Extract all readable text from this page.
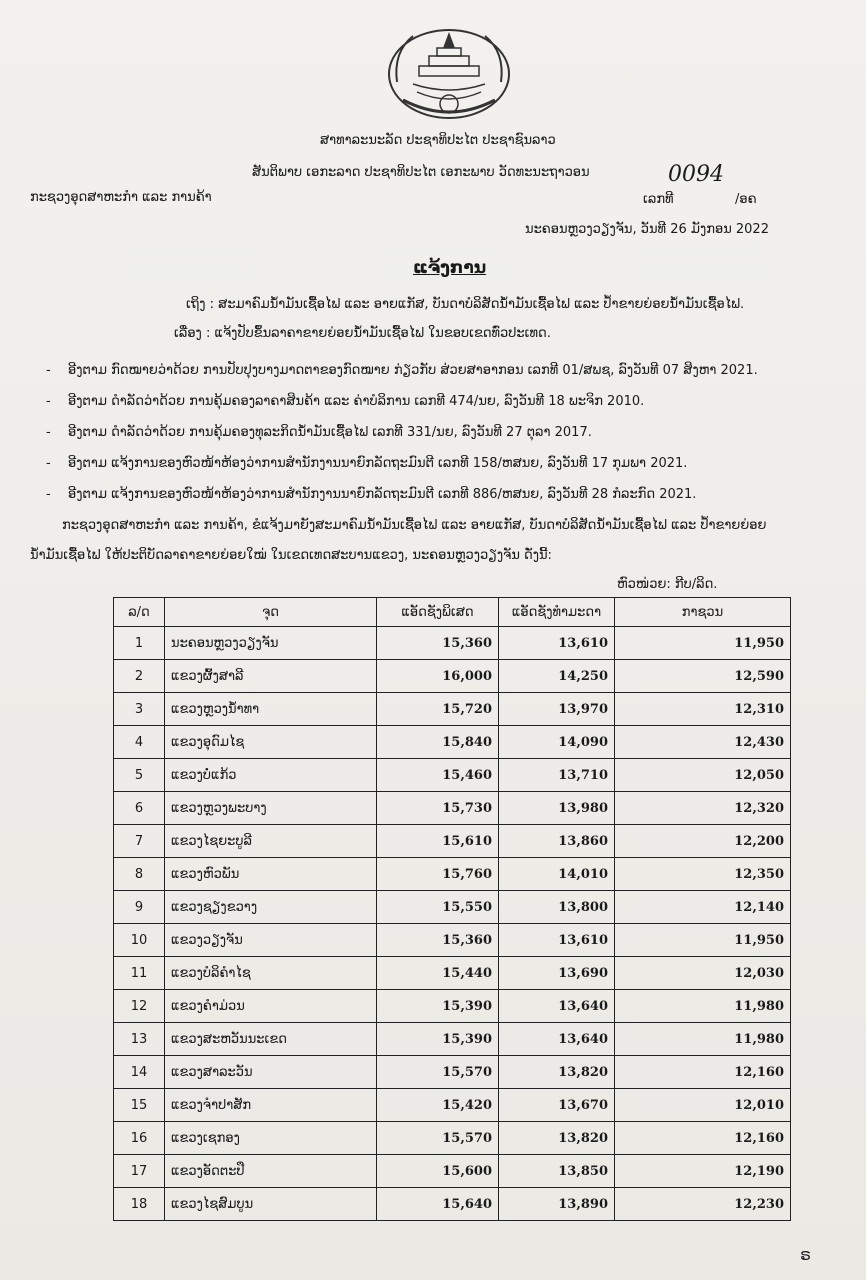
ສາທາລະນະລັດ ປະຊາທິປະໄຕ ປະຊາຊົນລາວ
ສັນຕິພາບ ເອກະລາດ ປະຊາທິປະໄຕ ເອກະພາບ ວັດທະນະຖາວອນ	0094
ກະຊວງອຸດສາຫະກຳ ແລະ ການຄ້າ	ເລກທີ	/ອຄ
ນະຄອນຫຼວງວຽງຈັນ, ວັນທີ 26 ມັງກອນ 2022
ແຈ້ງການ
ເຖິງ : ສະມາຄົມນ້ຳມັນເຊື້ອໄຟ ແລະ ອາຍແກັສ, ບັນດາບໍລິສັດນ້ຳມັນເຊື້ອໄຟ ແລະ ປ້ຳຂາຍຍ່ອຍນ້ຳມັນເຊື້ອໄຟ.
ເລື່ອງ : ແຈ້ງປັບຂຶ້ນລາຄາຂາຍຍ່ອຍນ້ຳມັນເຊື້ອໄຟ ໃນຂອບເຂດທົ່ວປະເທດ.
- ອີງຕາມ ກົດໝາຍວ່າດ້ວຍ ການປັບປຸງບາງມາດຕາຂອງກົດໝາຍ ກ່ຽວກັບ ສ່ວຍສາອາກອນ ເລກທີ 01/ສພຊ, ລົງວັນທີ 07 ສິງຫາ 2021.
- ອີງຕາມ ດຳລັດວ່າດ້ວຍ ການຄຸ້ມຄອງລາຄາສິນຄ້າ ແລະ ຄ່າບໍລິການ ເລກທີ 474/ນຍ, ລົງວັນທີ 18 ພະຈິກ 2010.
- ອີງຕາມ ດຳລັດວ່າດ້ວຍ ການຄຸ້ມຄອງທຸລະກິດນ້ຳມັນເຊື້ອໄຟ ເລກທີ 331/ນຍ, ລົງວັນທີ 27 ຕຸລາ 2017.
- ອີງຕາມ ແຈ້ງການຂອງຫົວໜ້າຫ້ອງວ່າການສຳນັກງານນາຍົກລັດຖະມົນຕີ ເລກທີ 158/ຫສນຍ, ລົງວັນທີ 17 ກຸມພາ 2021.
- ອີງຕາມ ແຈ້ງການຂອງຫົວໜ້າຫ້ອງວ່າການສຳນັກງານນາຍົກລັດຖະມົນຕີ ເລກທີ 886/ຫສນຍ, ລົງວັນທີ 28 ກໍລະກົດ 2021.
ກະຊວງອຸດສາຫະກຳ ແລະ ການຄ້າ, ຂໍແຈ້ງມາຍັງສະມາຄົມນ້ຳມັນເຊື້ອໄຟ ແລະ ອາຍແກັສ, ບັນດາບໍລິສັດນ້ຳມັນເຊື້ອໄຟ ແລະ ປ້ຳຂາຍຍ່ອຍ
ນ້ຳມັນເຊື້ອໄຟ ໃຫ້ປະຕິບັດລາຄາຂາຍຍ່ອຍໃໝ່ ໃນເຂດເທດສະບານແຂວງ, ນະຄອນຫຼວງວຽງຈັນ ດັ່ງນີ້:
ຫົວໜ່ວຍ: ກີບ/ລິດ.
ລ/ດ	ຈຸດ	ແອັດຊັງພິເສດ	ແອັດຊັງທຳມະດາ	ກາຊວນ
1	ນະຄອນຫຼວງວຽງຈັນ	15,360	13,610	11,950
2	ແຂວງຜົ້ງສາລີ	16,000	14,250	12,590
3	ແຂວງຫຼວງນ້ຳທາ	15,720	13,970	12,310
4	ແຂວງອຸດົມໄຊ	15,840	14,090	12,430
5	ແຂວງບໍ່ແກ້ວ	15,460	13,710	12,050
6	ແຂວງຫຼວງພະບາງ	15,730	13,980	12,320
7	ແຂວງໄຊຍະບູລີ	15,610	13,860	12,200
8	ແຂວງຫົວພັນ	15,760	14,010	12,350
9	ແຂວງຊຽງຂວາງ	15,550	13,800	12,140
10	ແຂວງວຽງຈັນ	15,360	13,610	11,950
11	ແຂວງບໍລິຄຳໄຊ	15,440	13,690	12,030
12	ແຂວງຄຳມ່ວນ	15,390	13,640	11,980
13	ແຂວງສະຫວັນນະເຂດ	15,390	13,640	11,980
14	ແຂວງສາລະວັນ	15,570	13,820	12,160
15	ແຂວງຈຳປາສັກ	15,420	13,670	12,010
16	ແຂວງເຊກອງ	15,570	13,820	12,160
17	ແຂວງອັດຕະປື	15,600	13,850	12,190
18	ແຂວງໄຊສົມບູນ	15,640	13,890	12,230
ຣ
